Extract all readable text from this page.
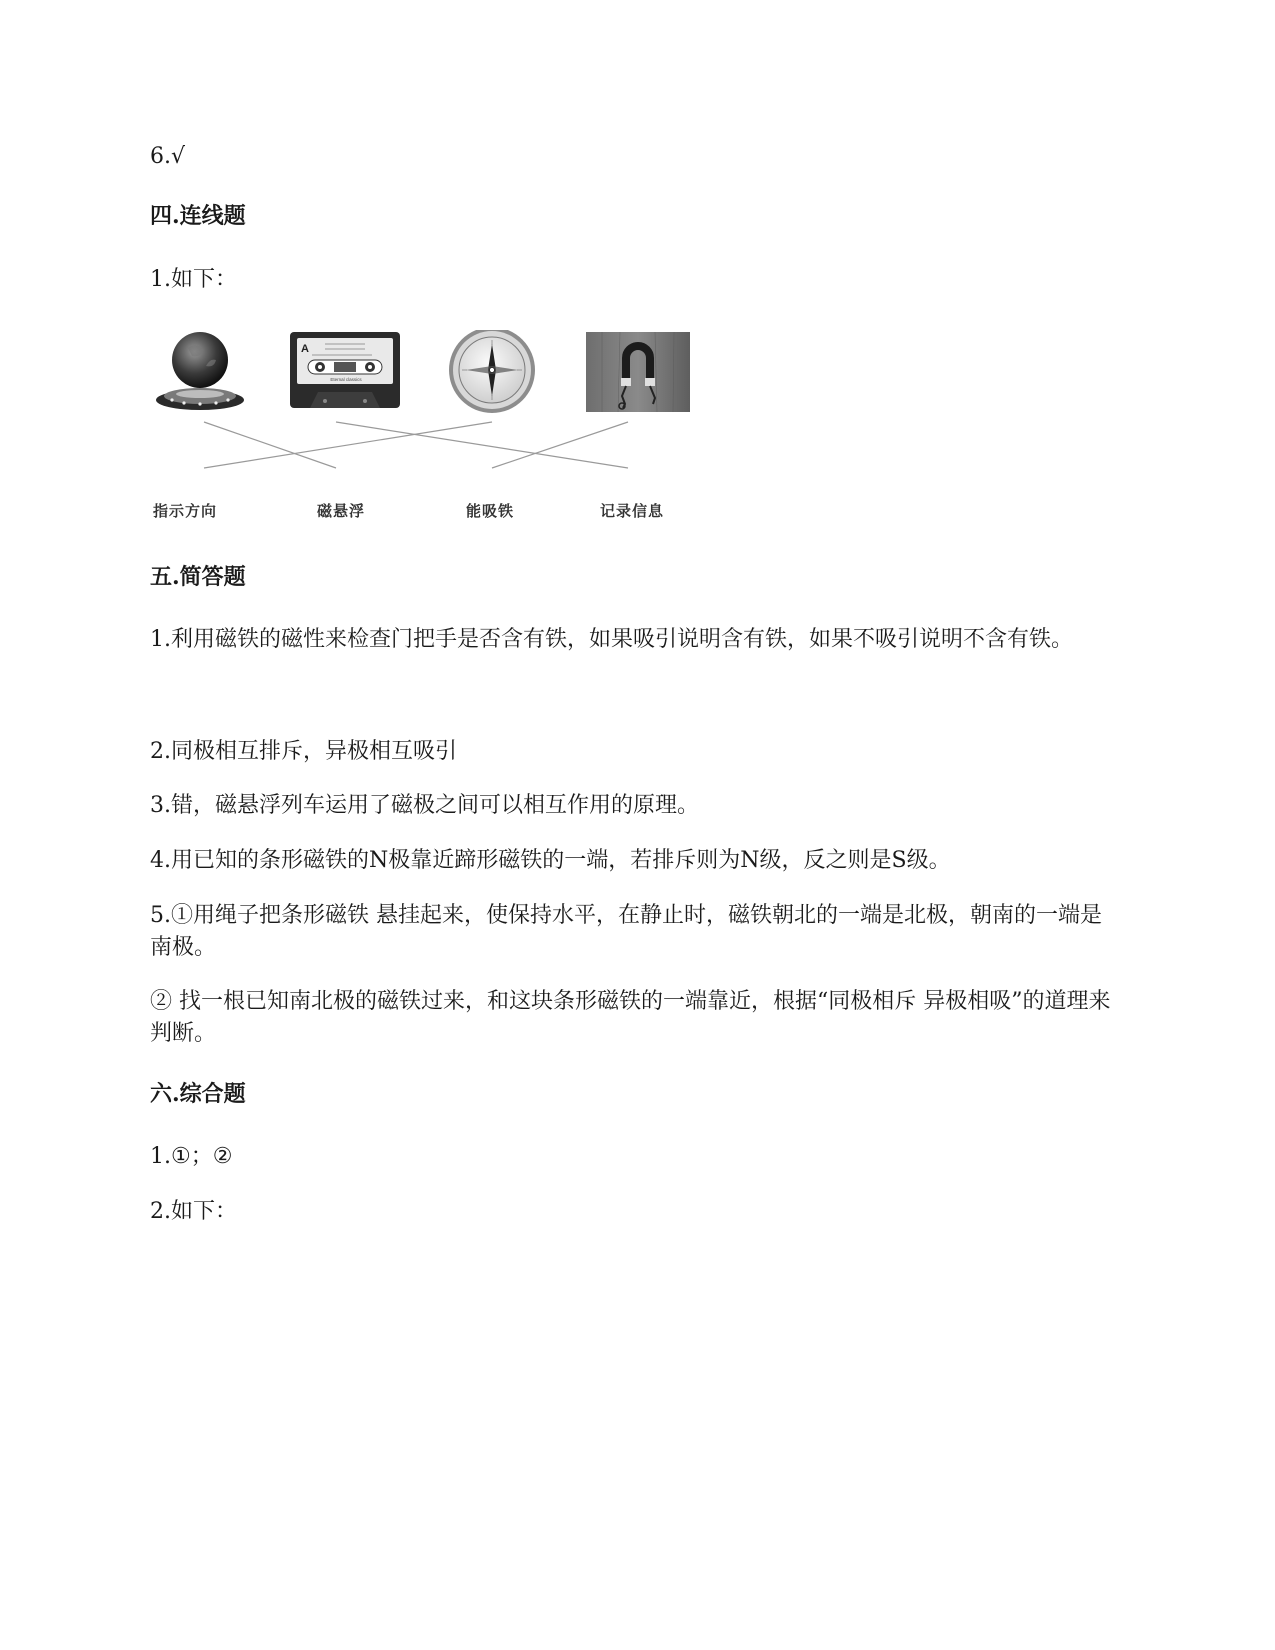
6.√
四.连线题
1.如下：
A
Eternal classics
指示方向	磁悬浮	能吸铁	记录信息
五.简答题
1.利用磁铁的磁性来检查门把手是否含有铁，如果吸引说明含有铁，如果不吸引说明不含有铁。
2.同极相互排斥，异极相互吸引
3.错，磁悬浮列车运用了磁极之间可以相互作用的原理。
4.用已知的条形磁铁的N极靠近蹄形磁铁的一端，若排斥则为N级，反之则是S级。
5.①用绳子把条形磁铁 悬挂起来，使保持水平，在静止时，磁铁朝北的一端是北极，朝南的一端是南极。
② 找一根已知南北极的磁铁过来，和这块条形磁铁的一端靠近，根据“同极相斥 异极相吸”的道理来判断。
六.综合题
1.①；②
2.如下：
